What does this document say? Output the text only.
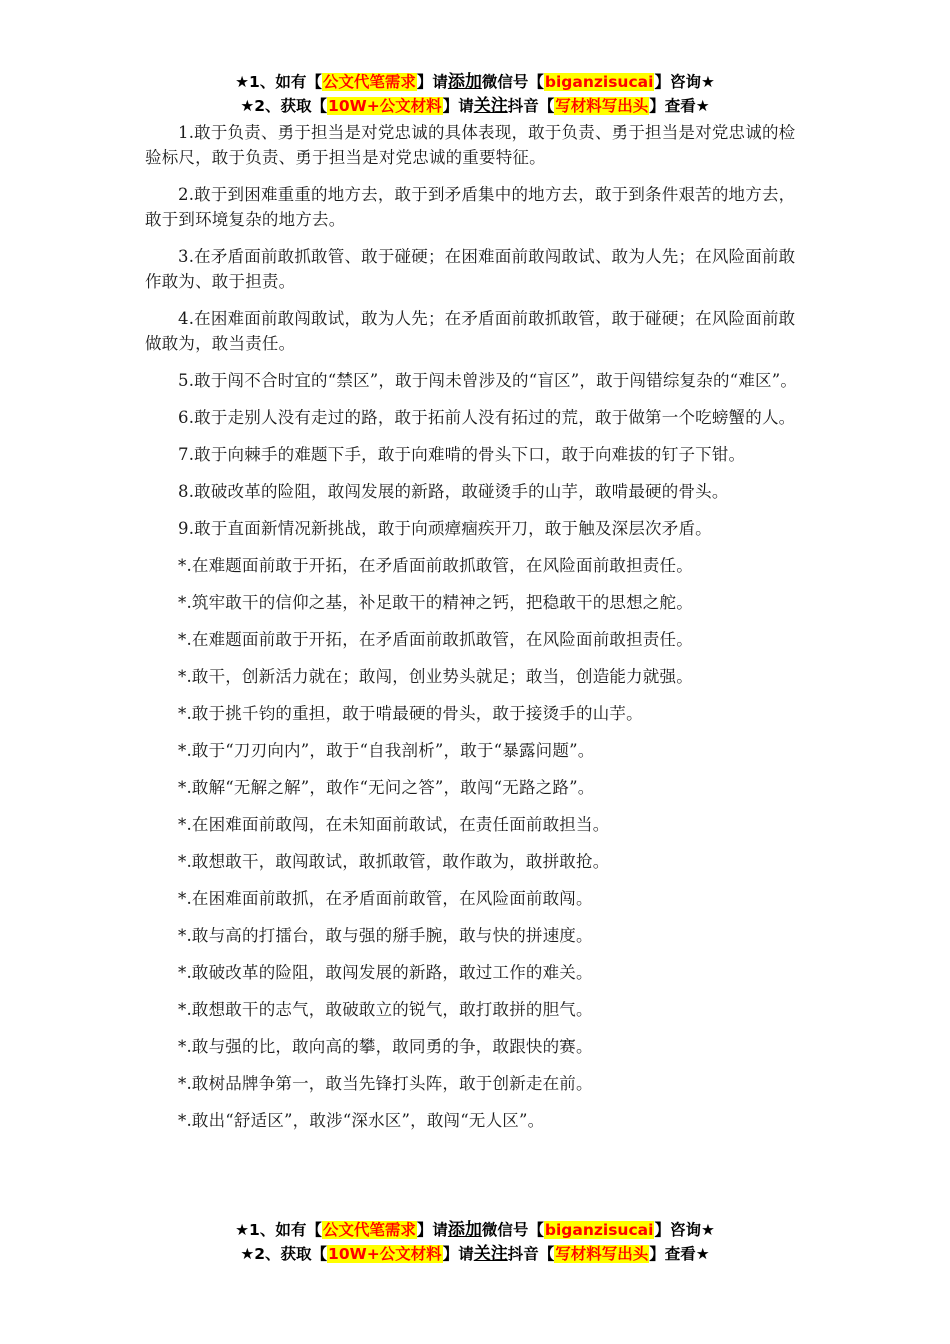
★1、如有【公文代笔需求】请添加微信号【biganzisucai】咨询★
★2、获取【10W+公文材料】请关注抖音【写材料写出头】查看★

1.敢于负责、勇于担当是对党忠诚的具体表现，敢于负责、勇于担当是对党忠诚的检验标尺，敢于负责、勇于担当是对党忠诚的重要特征。

2.敢于到困难重重的地方去，敢于到矛盾集中的地方去，敢于到条件艰苦的地方去，敢于到环境复杂的地方去。

3.在矛盾面前敢抓敢管、敢于碰硬；在困难面前敢闯敢试、敢为人先；在风险面前敢作敢为、敢于担责。

4.在困难面前敢闯敢试，敢为人先；在矛盾面前敢抓敢管，敢于碰硬；在风险面前敢做敢为，敢当责任。

5.敢于闯不合时宜的“禁区”，敢于闯未曾涉及的“盲区”，敢于闯错综复杂的“难区”。

6.敢于走别人没有走过的路，敢于拓前人没有拓过的荒，敢于做第一个吃螃蟹的人。

7.敢于向棘手的难题下手，敢于向难啃的骨头下口，敢于向难拔的钉子下钳。

8.敢破改革的险阻，敢闯发展的新路，敢碰烫手的山芋，敢啃最硬的骨头。

9.敢于直面新情况新挑战，敢于向顽瘴痼疾开刀，敢于触及深层次矛盾。

*.在难题面前敢于开拓，在矛盾面前敢抓敢管，在风险面前敢担责任。

*.筑牢敢干的信仰之基，补足敢干的精神之钙，把稳敢干的思想之舵。

*.在难题面前敢于开拓，在矛盾面前敢抓敢管，在风险面前敢担责任。

*.敢干，创新活力就在；敢闯，创业势头就足；敢当，创造能力就强。

*.敢于挑千钧的重担，敢于啃最硬的骨头，敢于接烫手的山芋。

*.敢于“刀刃向内”，敢于“自我剖析”，敢于“暴露问题”。

*.敢解“无解之解”，敢作“无问之答”，敢闯“无路之路”。

*.在困难面前敢闯，在未知面前敢试，在责任面前敢担当。

*.敢想敢干，敢闯敢试，敢抓敢管，敢作敢为，敢拼敢抢。

*.在困难面前敢抓，在矛盾面前敢管，在风险面前敢闯。

*.敢与高的打擂台，敢与强的掰手腕，敢与快的拼速度。

*.敢破改革的险阻，敢闯发展的新路，敢过工作的难关。

*.敢想敢干的志气，敢破敢立的锐气，敢打敢拼的胆气。

*.敢与强的比，敢向高的攀，敢同勇的争，敢跟快的赛。

*.敢树品牌争第一，敢当先锋打头阵，敢于创新走在前。

*.敢出“舒适区”，敢涉“深水区”，敢闯“无人区”。

★1、如有【公文代笔需求】请添加微信号【biganzisucai】咨询★
★2、获取【10W+公文材料】请关注抖音【写材料写出头】查看★
